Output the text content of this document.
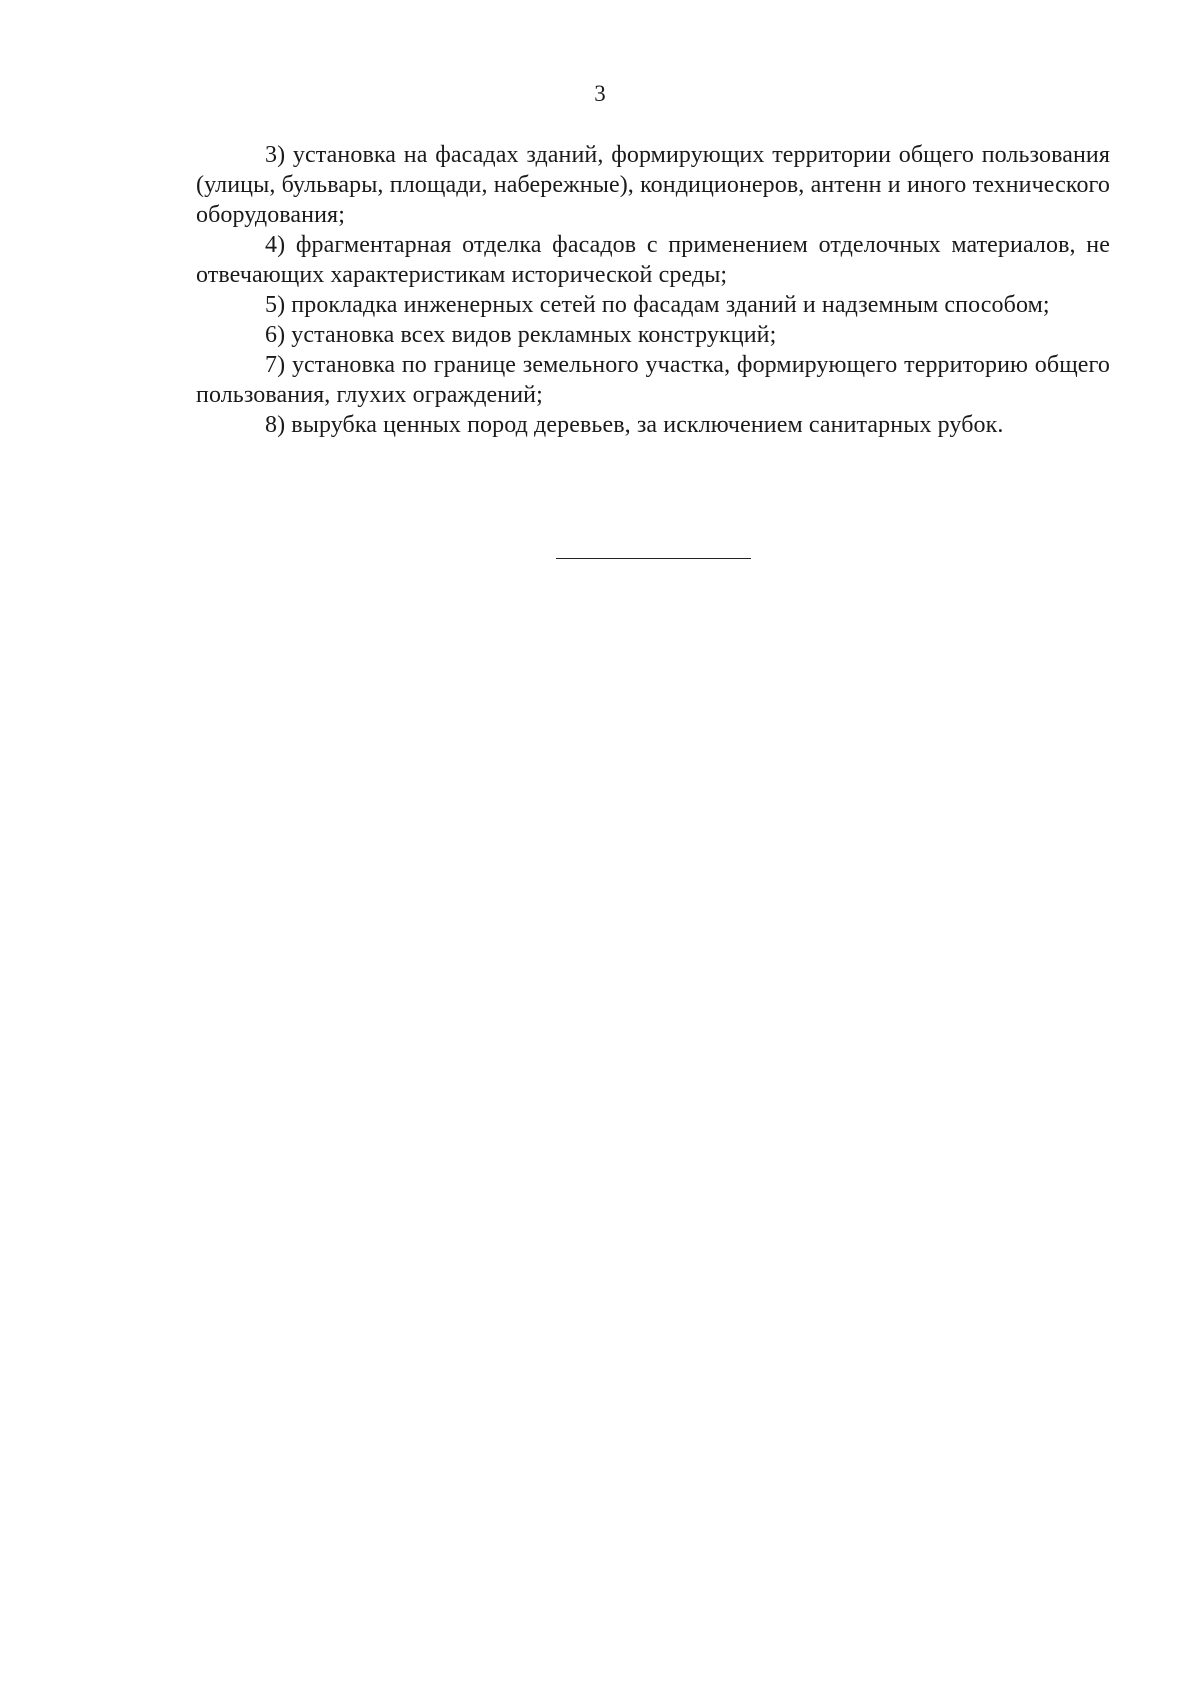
3

3) установка на фасадах зданий, формирующих территории общего пользования (улицы, бульвары, площади, набережные), кондиционеров, антенн и иного технического оборудования;

4) фрагментарная отделка фасадов с применением отделочных материалов, не отвечающих характеристикам исторической среды;

5) прокладка инженерных сетей по фасадам зданий и надземным способом;

6) установка всех видов рекламных конструкций;

7) установка по границе земельного участка, формирующего территорию общего пользования, глухих ограждений;

8) вырубка ценных пород деревьев, за исключением санитарных рубок.
